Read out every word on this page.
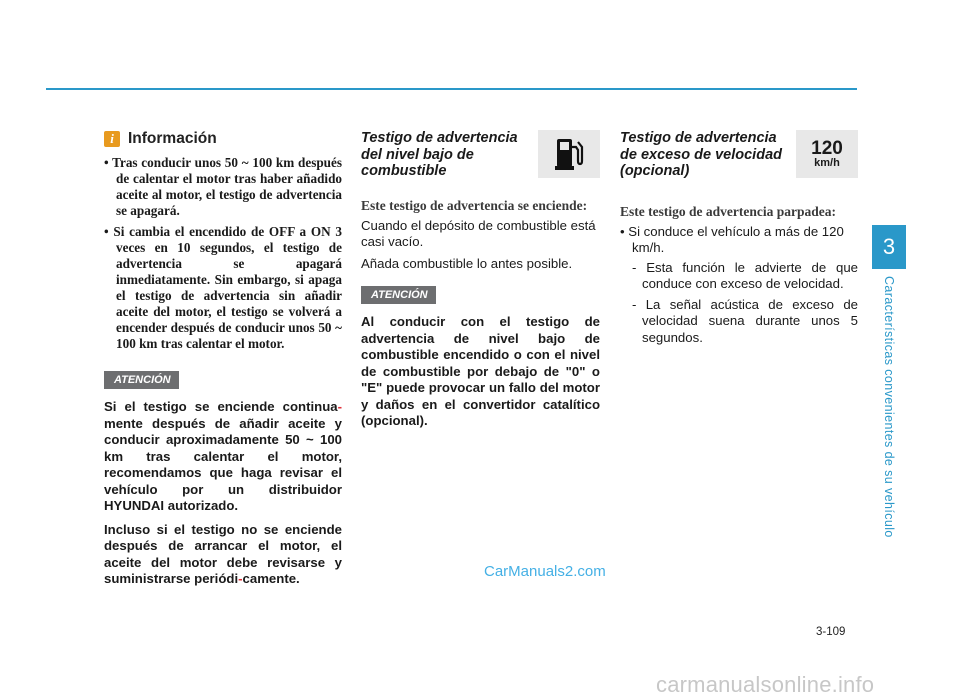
3
Características convenientes de su vehículo
i Información

• Tras conducir unos 50 ~ 100 km después de calentar el motor tras haber añadido aceite al motor, el testigo de advertencia se apagará.

• Si cambia el encendido de OFF a ON 3 veces en 10 segundos, el testigo de advertencia se apagará inmediatamente. Sin embargo, si apaga el testigo de advertencia sin añadir aceite del motor, el testigo se volverá a encender después de conducir unos 50 ~ 100 km tras calentar el motor.

ATENCIÓN

Si el testigo se enciende continua-mente después de añadir aceite y conducir aproximadamente 50 ~ 100 km tras calentar el motor, recomendamos que haga revisar el vehículo por un distribuidor HYUNDAI autorizado.

Incluso si el testigo no se enciende después de arrancar el motor, el aceite del motor debe revisarse y suministrarse periódi-camente.

Testigo de advertencia del nivel bajo de combustible

Este testigo de advertencia se enciende:

Cuando el depósito de combustible está casi vacío.

Añada combustible lo antes posible.

ATENCIÓN

Al conducir con el testigo de advertencia de nivel bajo de combustible encendido o con el nivel de combustible por debajo de "0" o "E" puede provocar un fallo del motor y daños en el convertidor catalítico (opcional).

Testigo de advertencia de exceso de velocidad (opcional)
120
km/h

Este testigo de advertencia parpadea:

• Si conduce el vehículo a más de 120 km/h.

- Esta función le advierte de que conduce con exceso de velocidad.

- La señal acústica de exceso de velocidad suena durante unos 5 segundos.

CarManuals2.com
3-109
carmanualsonline.info
